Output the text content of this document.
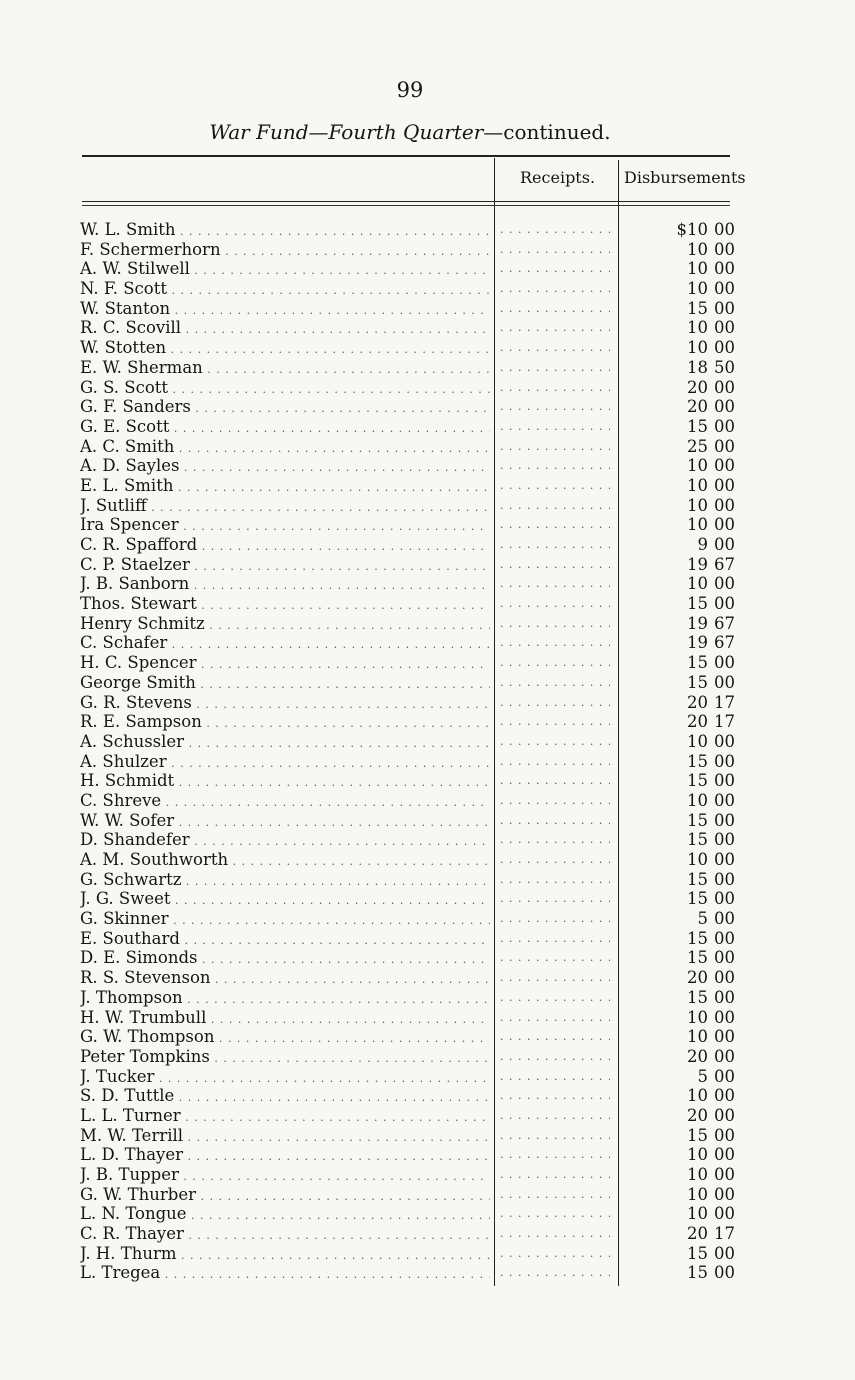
99
War Fund—Fourth Quarter—continued.
Receipts. Disbursements
W. L. Smith . . . . . .	$10 00
F. Schermerhorn . . . . . .	10 00
A. W. Stilwell . . . . . .	10 00
N. F. Scott . . . . . .	10 00
W. Stanton . . . . . .	15 00
R. C. Scovill . . . . . .	10 00
W. Stotten . . . . . .	10 00
E. W. Sherman . . . . . .	18 50
G. S. Scott . . . . . .	20 00
G. F. Sanders . . . . . .	20 00
G. E. Scott . . . . . .	15 00
A. C. Smith . . . . . .	25 00
A. D. Sayles . . . . . .	10 00
E. L. Smith . . . . . .	10 00
J. Sutliff . . . . . .	10 00
Ira Spencer . . . . . .	10 00
C. R. Spafford . . . . . .	9 00
C. P. Staelzer . . . . . .	19 67
J. B. Sanborn . . . . . .	10 00
Thos. Stewart . . . . . .	15 00
Henry Schmitz . . . . . .	19 67
C. Schafer . . . . . .	19 67
H. C. Spencer . . . . . .	15 00
George Smith . . . . . .	15 00
G. R. Stevens . . . . . .	20 17
R. E. Sampson . . . . . .	20 17
A. Schussler . . . . . .	10 00
A. Shulzer . . . . . .	15 00
H. Schmidt . . . . . .	15 00
C. Shreve . . . . . .	10 00
W. W. Sofer . . . . . .	15 00
D. Shandefer . . . . . .	15 00
A. M. Southworth . . . . . .	10 00
G. Schwartz . . . . . .	15 00
J. G. Sweet . . . . . .	15 00
G. Skinner . . . . . .	5 00
E. Southard . . . . . .	15 00
D. E. Simonds . . . . . .	15 00
R. S. Stevenson . . . . . .	20 00
J. Thompson . . . . . .	15 00
H. W. Trumbull . . . . . .	10 00
G. W. Thompson . . . . . .	10 00
Peter Tompkins . . . . . .	20 00
J. Tucker . . . . . .	5 00
S. D. Tuttle . . . . . .	10 00
L. L. Turner . . . . . .	20 00
M. W. Terrill . . . . . .	15 00
L. D. Thayer . . . . . .	10 00
J. B. Tupper . . . . . .	10 00
G. W. Thurber . . . . . .	10 00
L. N. Tongue . . . . . .	10 00
C. R. Thayer . . . . . .	20 17
J. H. Thurm . . . . . .	15 00
L. Tregea . . . . . .	15 00
